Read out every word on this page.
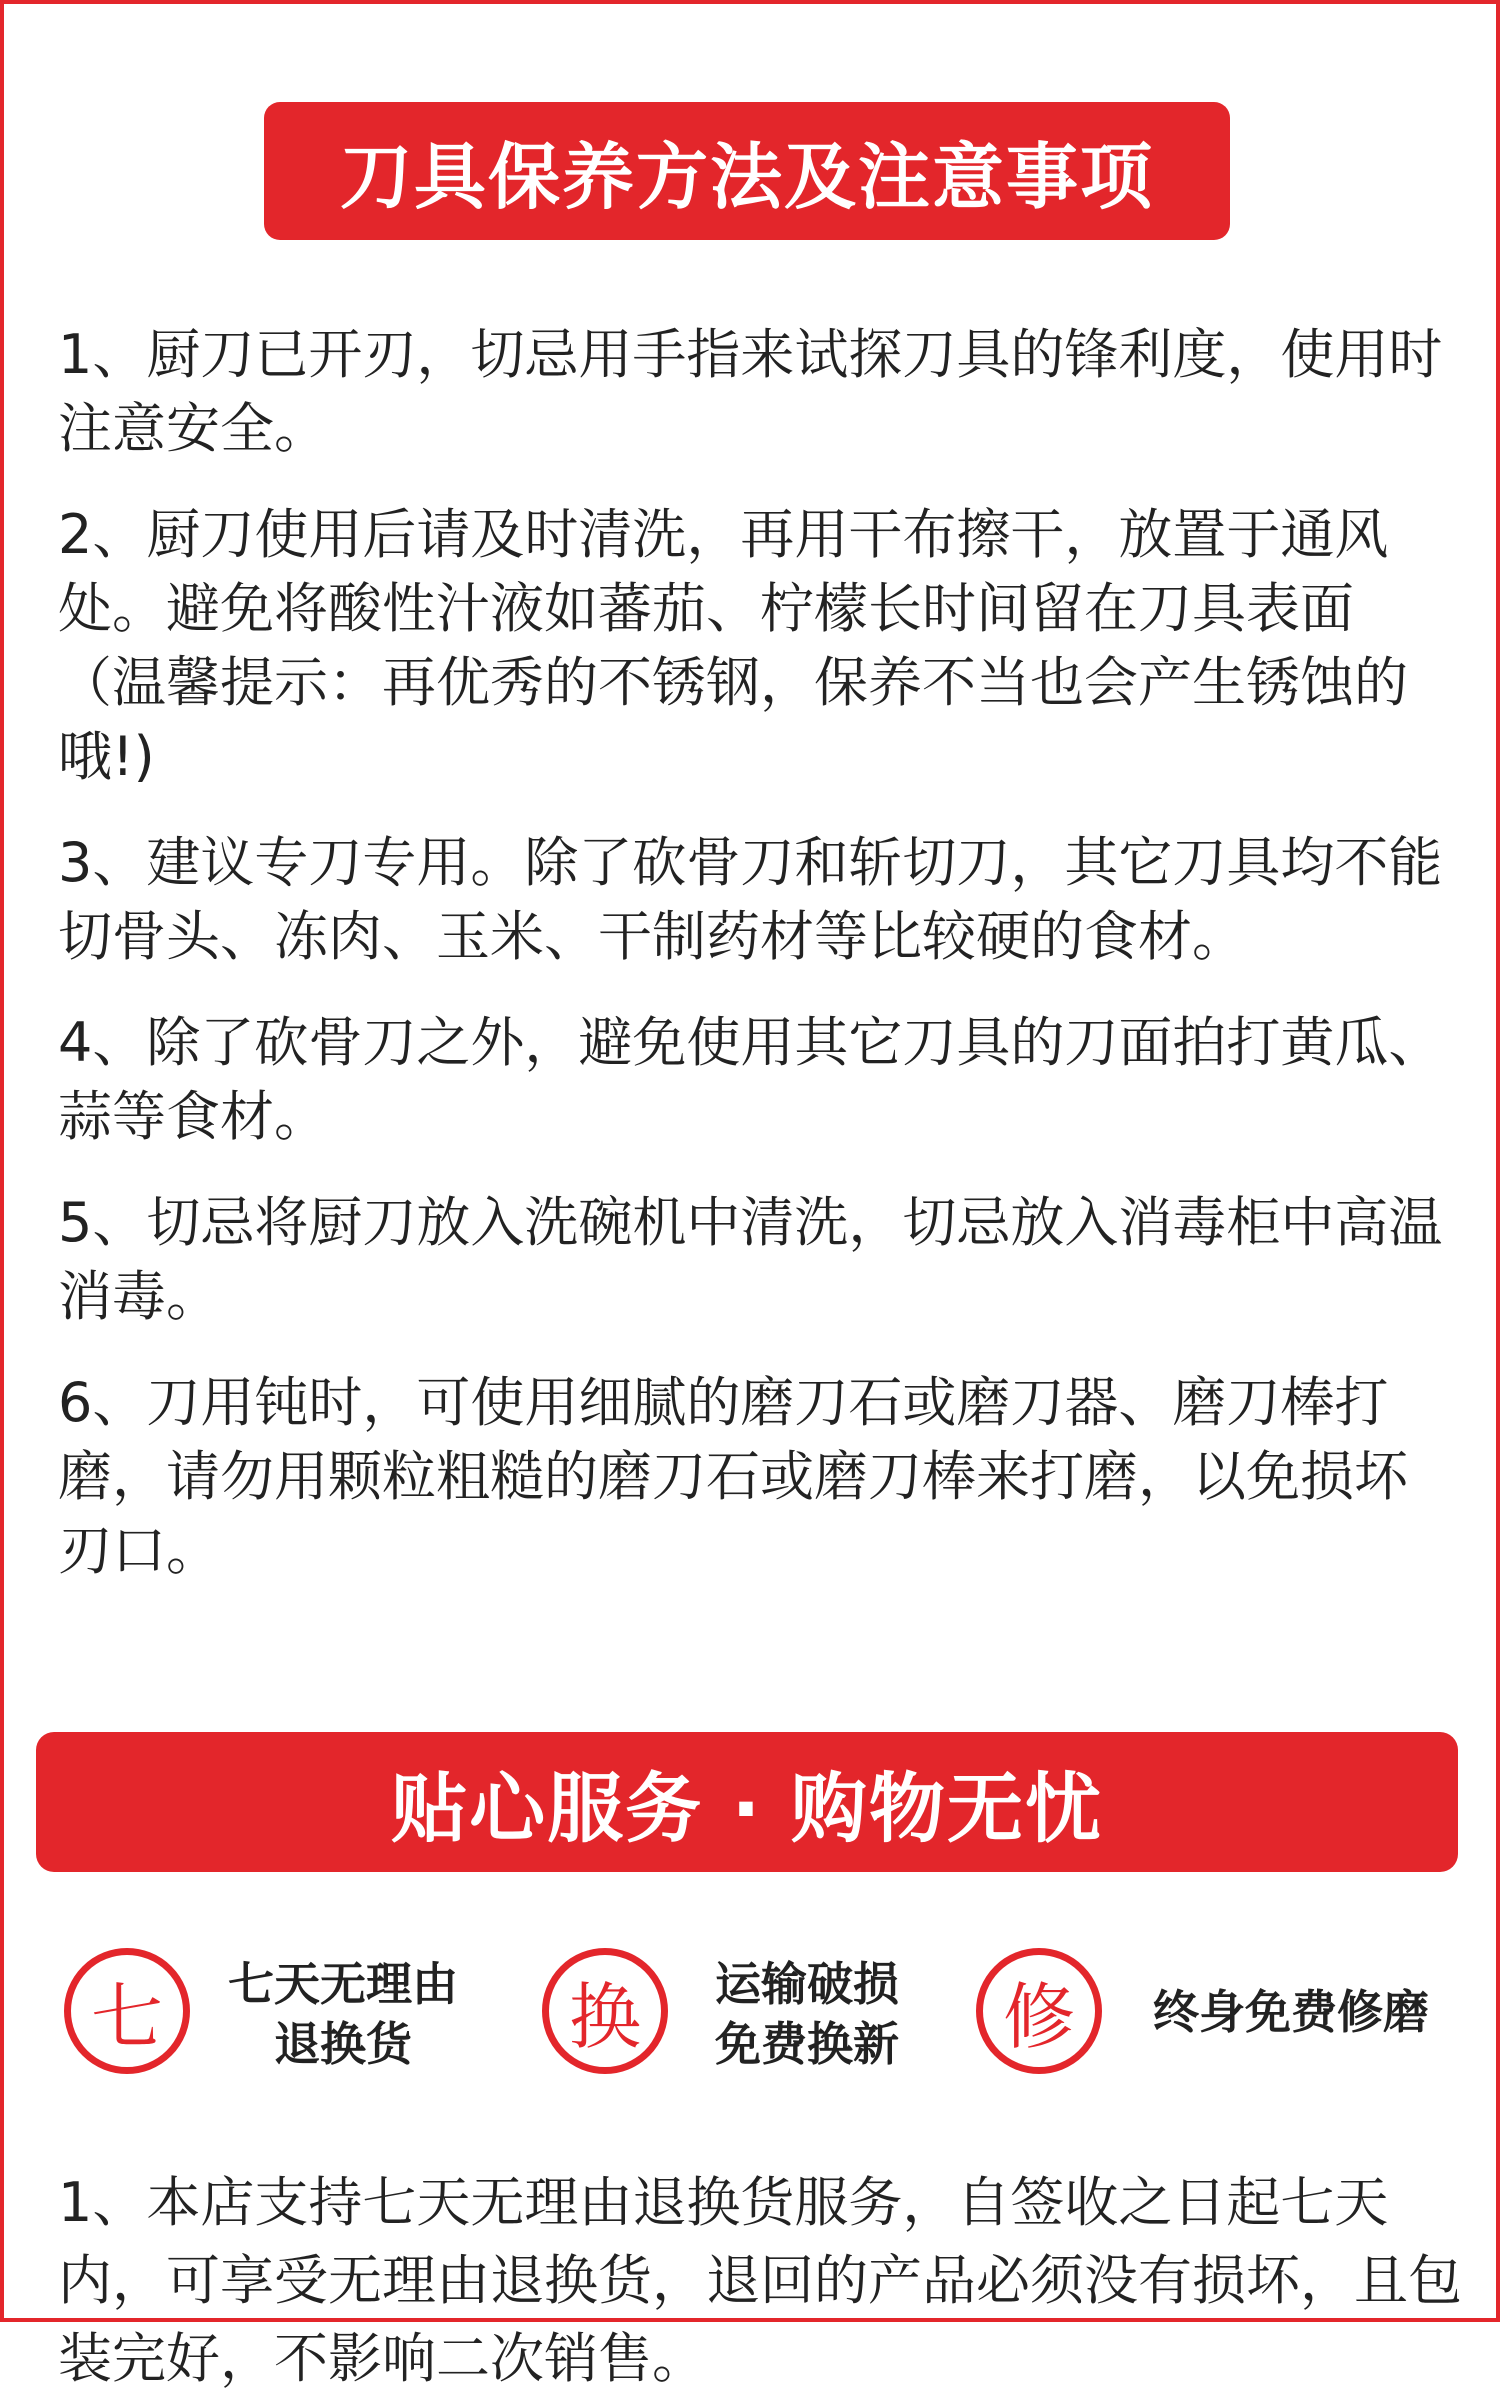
刀具保养方法及注意事项
1、厨刀已开刃，切忌用手指来试探刀具的锋利度，使用时注意安全。
2、厨刀使用后请及时清洗，再用干布擦干，放置于通风处。避免将酸性汁液如蕃茄、柠檬长时间留在刀具表面（温馨提示：再优秀的不锈钢，保养不当也会产生锈蚀的哦!)
3、建议专刀专用。除了砍骨刀和斩切刀，其它刀具均不能切骨头、冻肉、玉米、干制药材等比较硬的食材。
4、除了砍骨刀之外，避免使用其它刀具的刀面拍打黄瓜、蒜等食材。
5、切忌将厨刀放入洗碗机中清洗，切忌放入消毒柜中高温消毒。
6、刀用钝时，可使用细腻的磨刀石或磨刀器、磨刀棒打磨，请勿用颗粒粗糙的磨刀石或磨刀棒来打磨，以免损坏刃口。
贴心服务 · 购物无忧
七	七天无理由
退换货	换	运输破损
免费换新	修	终身免费修磨
1、本店支持七天无理由退换货服务，自签收之日起七天内，可享受无理由退换货，退回的产品必须没有损坏，且包装完好，不影响二次销售。
